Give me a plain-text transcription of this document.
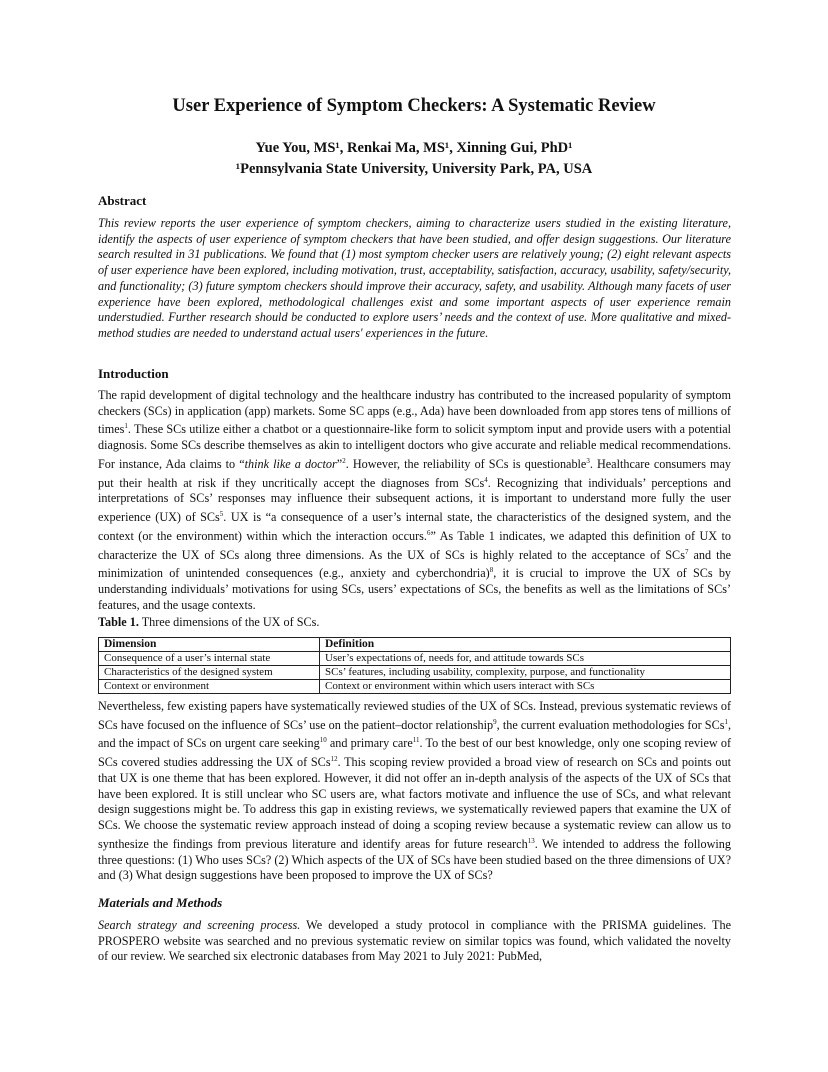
User Experience of Symptom Checkers: A Systematic Review
Yue You, MS¹, Renkai Ma, MS¹, Xinning Gui, PhD¹
¹Pennsylvania State University, University Park, PA, USA
Abstract

This review reports the user experience of symptom checkers, aiming to characterize users studied in the existing literature, identify the aspects of user experience of symptom checkers that have been studied, and offer design suggestions. Our literature search resulted in 31 publications. We found that (1) most symptom checker users are relatively young; (2) eight relevant aspects of user experience have been explored, including motivation, trust, acceptability, satisfaction, accuracy, usability, safety/security, and functionality; (3) future symptom checkers should improve their accuracy, safety, and usability. Although many facets of user experience have been explored, methodological challenges exist and some important aspects of user experience remain understudied. Further research should be conducted to explore users’ needs and the context of use. More qualitative and mixed-method studies are needed to understand actual users' experiences in the future.

Introduction

The rapid development of digital technology and the healthcare industry has contributed to the increased popularity of symptom checkers (SCs) in application (app) markets. Some SC apps (e.g., Ada) have been downloaded from app stores tens of millions of times$^1$. These SCs utilize either a chatbot or a questionnaire-like form to solicit symptom input and provide users with a potential diagnosis. Some SCs describe themselves as akin to intelligent doctors who give accurate and reliable medical recommendations. For instance, Ada claims to “think like a doctor”$^2$. However, the reliability of SCs is questionable$^3$. Healthcare consumers may put their health at risk if they uncritically accept the diagnoses from SCs$^4$. Recognizing that individuals’ perceptions and interpretations of SCs’ responses may influence their subsequent actions, it is important to understand more fully the user experience (UX) of SCs$^5$. UX is “a consequence of a user’s internal state, the characteristics of the designed system, and the context (or the environment) within which the interaction occurs.$^6$” As Table 1 indicates, we adapted this definition of UX to characterize the UX of SCs along three dimensions. As the UX of SCs is highly related to the acceptance of SCs$^7$ and the minimization of unintended consequences (e.g., anxiety and cyberchondria)$^8$, it is crucial to improve the UX of SCs by understanding individuals’ motivations for using SCs, users’ expectations of SCs, the benefits as well as the limitations of SCs’ features, and the usage contexts.

Table 1. Three dimensions of the UX of SCs.

Dimension	Definition
Consequence of a user’s internal state	User’s expectations of, needs for, and attitude towards SCs
Characteristics of the designed system	SCs’ features, including usability, complexity, purpose, and functionality
Context or environment	Context or environment within which users interact with SCs

Nevertheless, few existing papers have systematically reviewed studies of the UX of SCs. Instead, previous systematic reviews of SCs have focused on the influence of SCs’ use on the patient–doctor relationship$^9$, the current evaluation methodologies for SCs$^1$, and the impact of SCs on urgent care seeking$^{10}$ and primary care$^{11}$. To the best of our best knowledge, only one scoping review of SCs covered studies addressing the UX of SCs$^{12}$. This scoping review provided a broad view of research on SCs and points out that UX is one theme that has been explored. However, it did not offer an in-depth analysis of the aspects of the UX of SCs that have been explored. It is still unclear who SC users are, what factors motivate and influence the use of SCs, and what relevant design suggestions might be. To address this gap in existing reviews, we systematically reviewed papers that examine the UX of SCs. We choose the systematic review approach instead of doing a scoping review because a systematic review can allow us to synthesize the findings from previous literature and identify areas for future research$^{13}$. We intended to address the following three questions: (1) Who uses SCs? (2) Which aspects of the UX of SCs have been studied based on the three dimensions of UX? and (3) What design suggestions have been proposed to improve the UX of SCs?

Materials and Methods

Search strategy and screening process. We developed a study protocol in compliance with the PRISMA guidelines. The PROSPERO website was searched and no previous systematic review on similar topics was found, which validated the novelty of our review. We searched six electronic databases from May 2021 to July 2021: PubMed,
